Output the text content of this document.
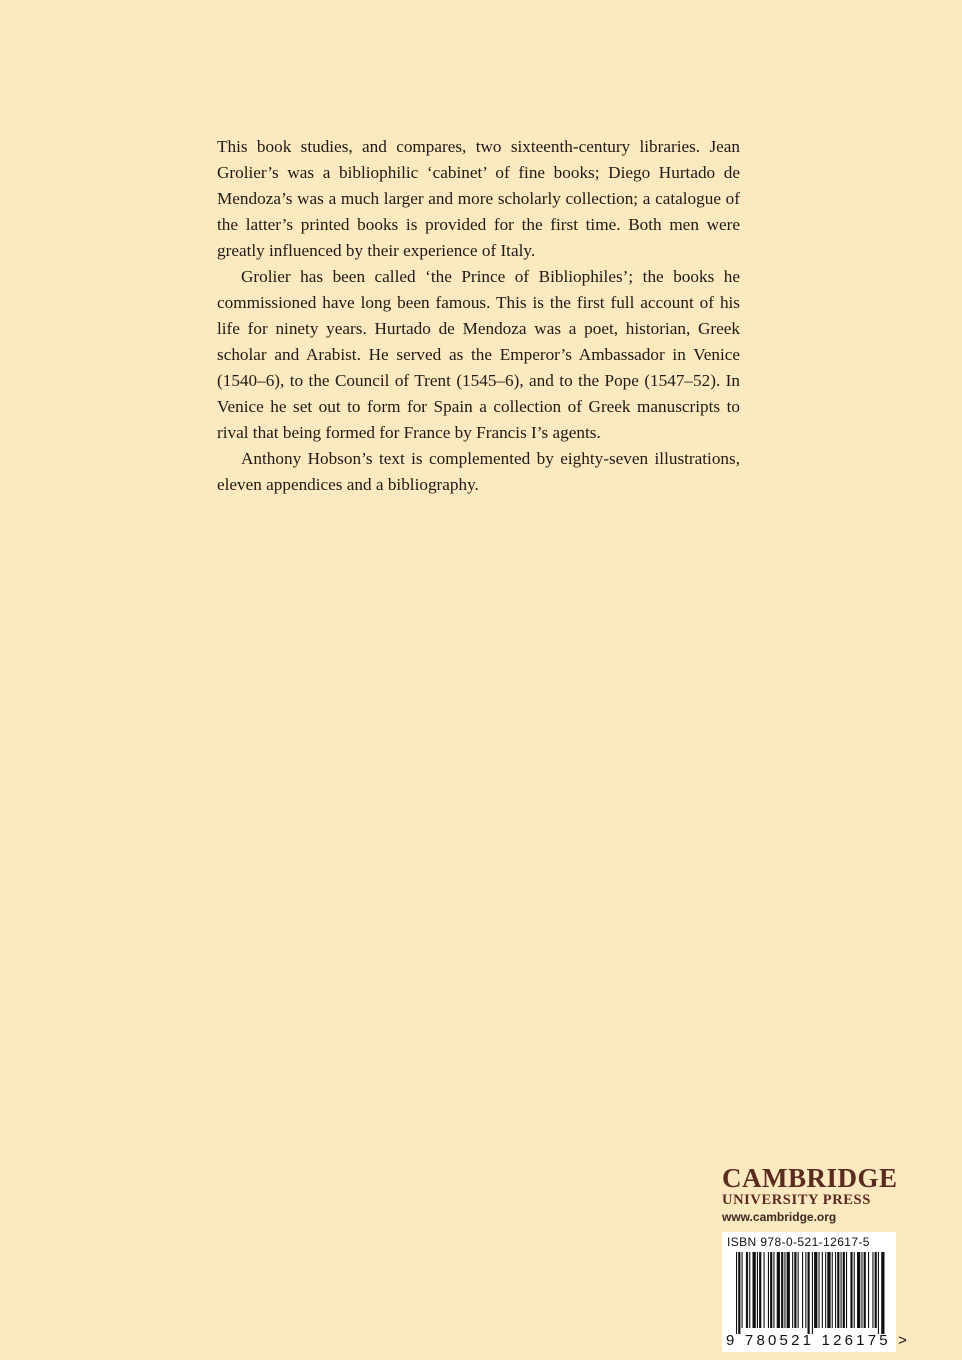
This book studies, and compares, two sixteenth-century libraries. Jean Grolier’s was a bibliophilic ‘cabinet’ of fine books; Diego Hurtado de Mendoza’s was a much larger and more scholarly collection; a catalogue of the latter’s printed books is provided for the first time. Both men were greatly influenced by their experience of Italy.

Grolier has been called ‘the Prince of Bibliophiles’; the books he commissioned have long been famous. This is the first full account of his life for ninety years. Hurtado de Mendoza was a poet, historian, Greek scholar and Arabist. He served as the Emperor’s Ambassador in Venice (1540–6), to the Council of Trent (1545–6), and to the Pope (1547–52). In Venice he set out to form for Spain a collection of Greek manuscripts to rival that being formed for France by Francis I’s agents.

Anthony Hobson’s text is complemented by eighty-seven illustrations, eleven appendices and a bibliography.

CAMBRIDGE
UNIVERSITY PRESS
www.cambridge.org
ISBN 978-0-521-12617-5
9 780521 126175 >
